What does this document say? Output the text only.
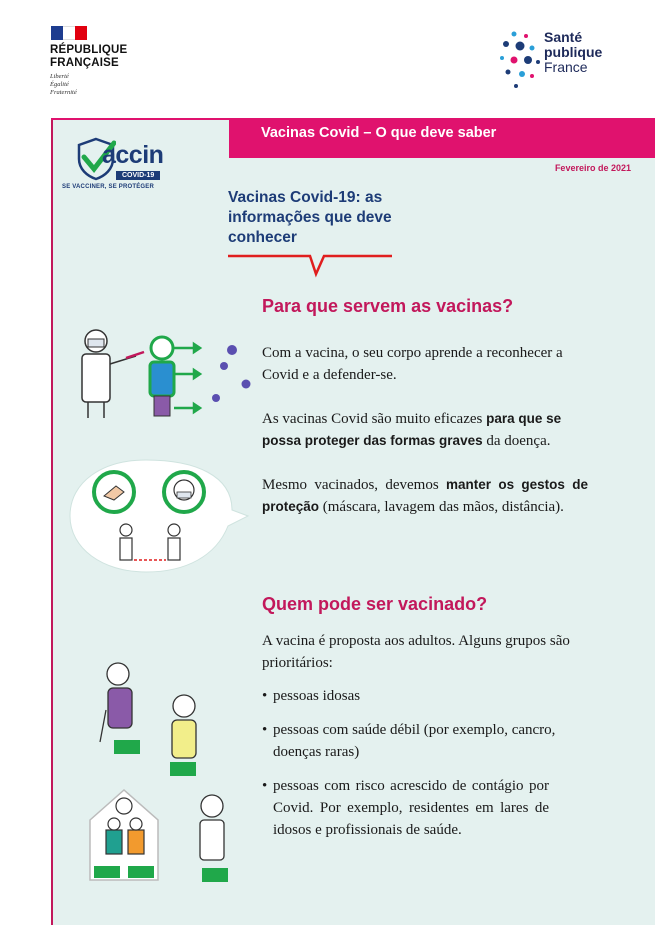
RÉPUBLIQUE
FRANÇAISE
Liberté
Égalité
Fraternité
Santé
publique
France
Vacinas Covid – O que deve saber
Fevereiro de 2021
accin
COVID-19
SE VACCINER, SE PROTÉGER
Vacinas Covid-19: as informações que deve conhecer
Para que servem as vacinas?
Com a vacina, o seu corpo aprende a reconhecer a Covid e a defender-se.
As vacinas Covid são muito eficazes para que se possa proteger das formas graves da doença.
Mesmo vacinados, devemos manter os gestos de proteção (máscara, lavagem das mãos, distância).
Quem pode ser vacinado?
A vacina é proposta aos adultos. Alguns grupos são prioritários:
• pessoas idosas
• pessoas com saúde débil (por exemplo, cancro, doenças raras)
• pessoas com risco acrescido de contágio por Covid. Por exemplo, residentes em lares de idosos e profissionais de saúde.
